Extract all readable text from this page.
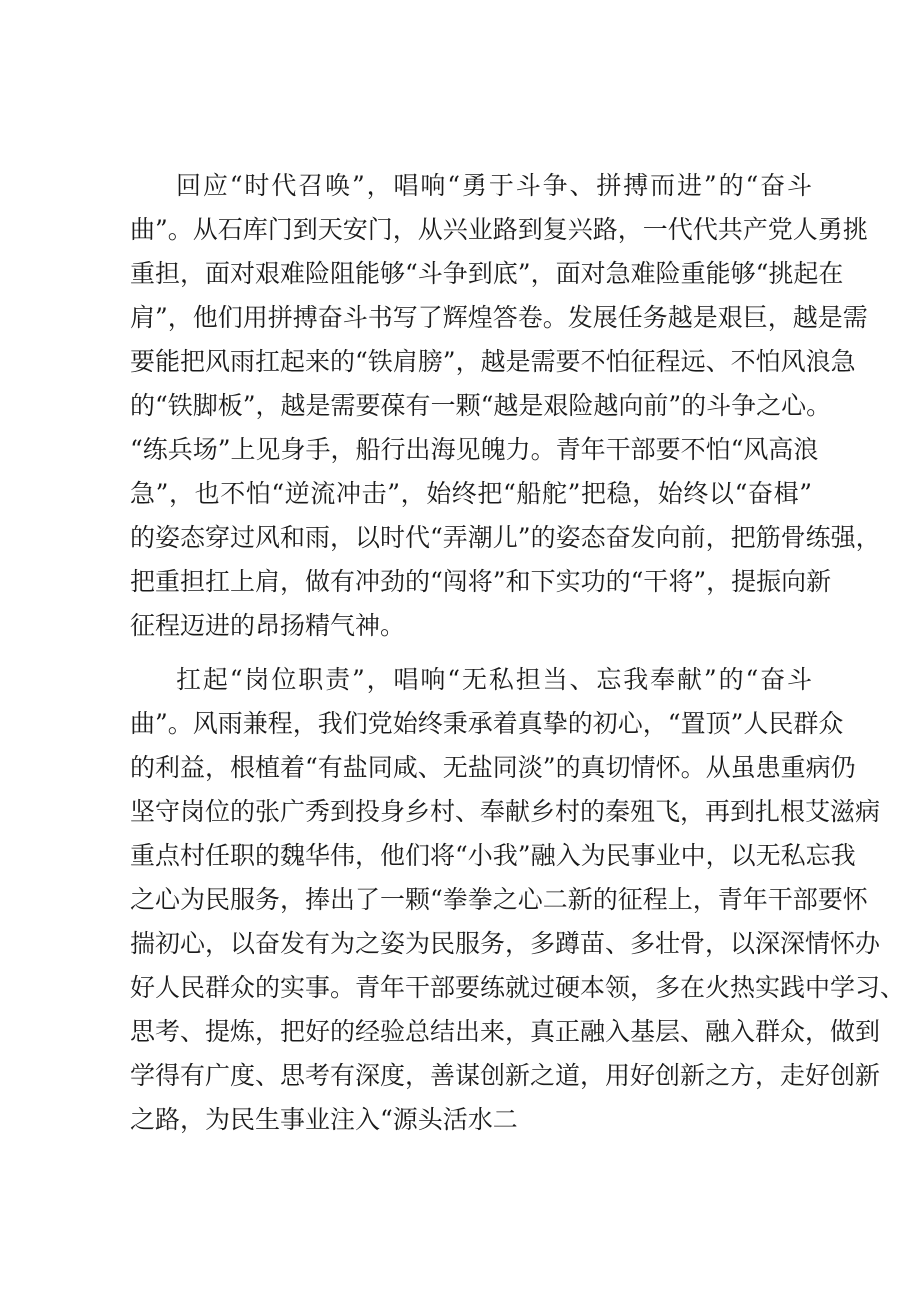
回应“时代召唤”，唱响“勇于斗争、拼搏而进”的“奋斗
曲”。从石库门到天安门，从兴业路到复兴路，一代代共产党人勇挑
重担，面对艰难险阻能够“斗争到底”，面对急难险重能够“挑起在
肩”，他们用拼搏奋斗书写了辉煌答卷。发展任务越是艰巨，越是需
要能把风雨扛起来的“铁肩膀”，越是需要不怕征程远、不怕风浪急
的“铁脚板”，越是需要葆有一颗“越是艰险越向前”的斗争之心。
“练兵场”上见身手，船行出海见魄力。青年干部要不怕“风高浪
急”，也不怕“逆流冲击”，始终把“船舵”把稳，始终以“奋楫”
的姿态穿过风和雨，以时代“弄潮儿”的姿态奋发向前，把筋骨练强，
把重担扛上肩，做有冲劲的“闯将”和下实功的“干将”，提振向新
征程迈进的昂扬精气神。
扛起“岗位职责”，唱响“无私担当、忘我奉献”的“奋斗
曲”。风雨兼程，我们党始终秉承着真挚的初心，“置顶”人民群众
的利益，根植着“有盐同咸、无盐同淡”的真切情怀。从虽患重病仍
坚守岗位的张广秀到投身乡村、奉献乡村的秦殂飞，再到扎根艾滋病
重点村任职的魏华伟，他们将“小我”融入为民事业中，以无私忘我
之心为民服务，捧出了一颗“拳拳之心二新的征程上，青年干部要怀
揣初心，以奋发有为之姿为民服务，多蹲苗、多壮骨，以深深情怀办
好人民群众的实事。青年干部要练就过硬本领，多在火热实践中学习、
思考、提炼，把好的经验总结出来，真正融入基层、融入群众，做到
学得有广度、思考有深度，善谋创新之道，用好创新之方，走好创新
之路，为民生事业注入“源头活水二
